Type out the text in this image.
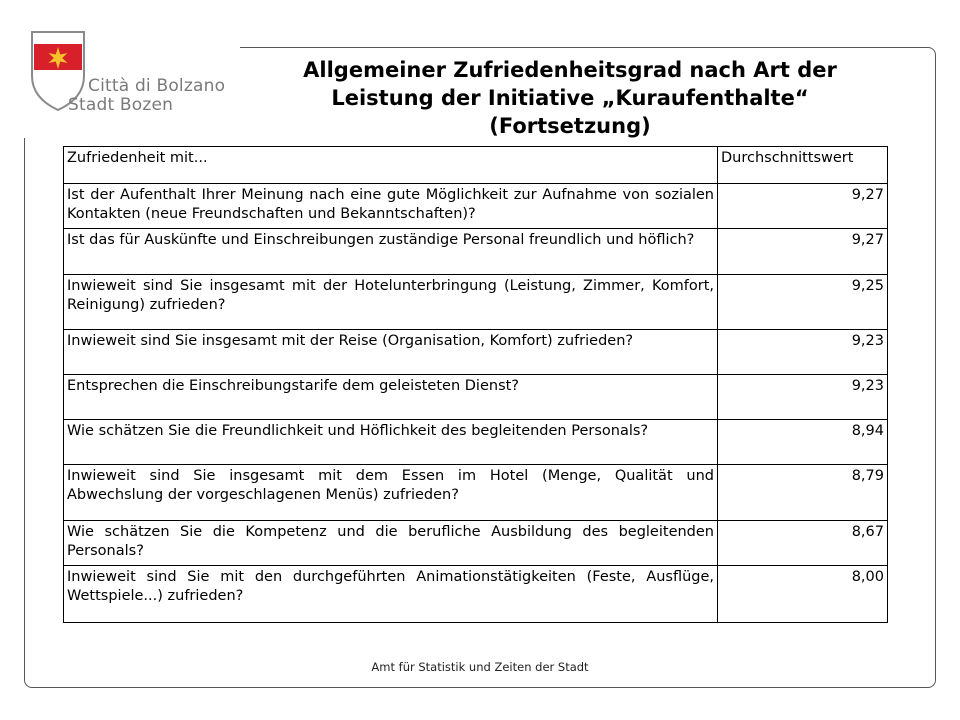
Città di Bolzano
Stadt Bozen
Allgemeiner Zufriedenheitsgrad nach Art der
Leistung der Initiative „Kuraufenthalte“
(Fortsetzung)
Zufriedenheit mit...	Durchschnittswert
Ist der Aufenthalt Ihrer Meinung nach eine gute Möglichkeit zur Aufnahme von sozialen Kontakten (neue Freundschaften und Bekanntschaften)?	9,27
Ist das für Auskünfte und Einschreibungen zuständige Personal freundlich und höflich?	9,27
Inwieweit sind Sie insgesamt mit der Hotelunterbringung (Leistung, Zimmer, Komfort, Reinigung) zufrieden?	9,25
Inwieweit sind Sie insgesamt mit der Reise (Organisation, Komfort) zufrieden?	9,23
Entsprechen die Einschreibungstarife dem geleisteten Dienst?	9,23
Wie schätzen Sie die Freundlichkeit und Höflichkeit des begleitenden Personals?	8,94
Inwieweit sind Sie insgesamt mit dem Essen im Hotel (Menge, Qualität und Abwechslung der vorgeschlagenen Menüs) zufrieden?	8,79
Wie schätzen Sie die Kompetenz und die berufliche Ausbildung des begleitenden Personals?	8,67
Inwieweit sind Sie mit den durchgeführten Animationstätigkeiten (Feste, Ausflüge, Wettspiele...) zufrieden?	8,00
Amt für Statistik und Zeiten der Stadt
